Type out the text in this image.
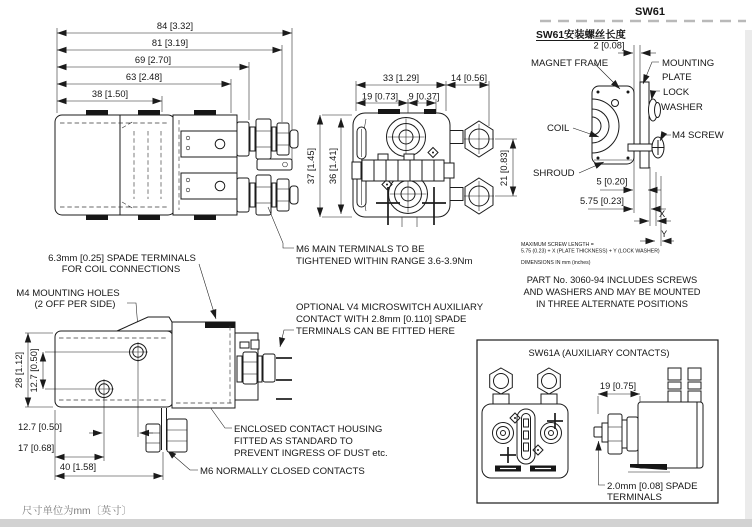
84 [3.32]
81 [3.19]
69 [2.70]
63 [2.48]
38 [1.50]
33 [1.29]	14 [0.56]
19 [0.73] 9 [0.37]
37 [1.45] 36 [1.41]	21 [0.83]
SW61
SW61安装螺丝长度
2 [0.08]
MAGNET FRAME	MOUNTING
PLATE
LOCK
WASHER
COIL
M4 SCREW
SHROUD
5 [0.20]
5.75 [0.23]
X
Y
MAXIMUM SCREW LENGTH =
5.75 (0.23) + X (PLATE THICKNESS) + Y (LOCK WASHER)
DIMENSIONS IN mm (inches)
PART No. 3060-94 INCLUDES SCREWS
AND WASHERS AND MAY BE MOUNTED
IN THREE ALTERNATE POSITIONS
6.3mm [0.25] SPADE TERMINALS
FOR COIL CONNECTIONS
M4 MOUNTING HOLES
(2 OFF PER SIDE)
M6 MAIN TERMINALS TO BE
TIGHTENED WITHIN RANGE 3.6-3.9Nm
OPTIONAL V4 MICROSWITCH AUXILIARY
CONTACT WITH 2.8mm [0.110] SPADE
TERMINALS CAN BE FITTED HERE
ENCLOSED CONTACT HOUSING
FITTED AS STANDARD TO
PREVENT INGRESS OF DUST etc.
M6 NORMALLY CLOSED CONTACTS
28 [1.12] 12.7 [0.50]
12.7 [0.50]
17 [0.68]
40 [1.58]
SW61A (AUXILIARY CONTACTS)
19 [0.75]
2.0mm [0.08] SPADE
TERMINALS
尺寸单位为mm〔英寸〕
